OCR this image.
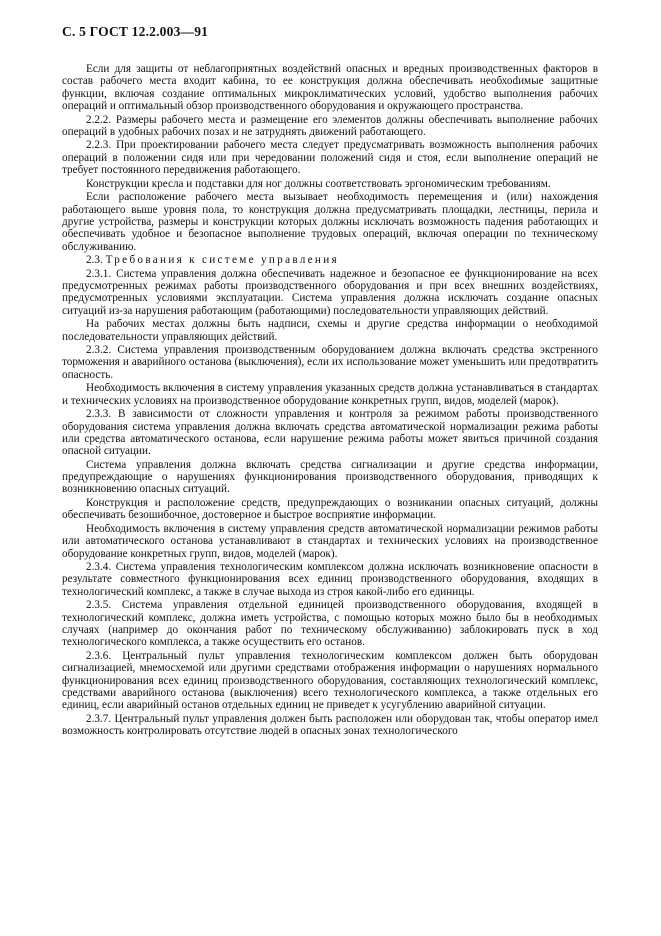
С. 5 ГОСТ 12.2.003—91

Если для защиты от неблагоприятных воздействий опасных и вредных производственных факторов в состав рабочего места входит кабина, то ее конструкция должна обеспечивать необхоdимые защитные функции, включая создание оптимальных микроклиматических условий, удобство выполнения рабочих операций и оптимальный обзор производственного оборудования и окружающего пространства.

2.2.2. Размеры рабочего места и размещение его элементов должны обеспечивать выполнение рабочих операций в удобных рабочих позах и не затруднять движений работающего.

2.2.3. При проектировании рабочего места следует предусматривать возможность выполнения рабочих операций в положении сидя или при чередовании положений сидя и стоя, если выполнение операций не требует постоянного передвижения работающего.

Конструкции кресла и подставки для ног должны соответствовать эргономическим требованиям.

Если расположение рабочего места вызывает необходимость перемещения и (или) нахождения работающего выше уровня пола, то конструкция должна предусматривать площадки, лестницы, перила и другие устройства, размеры и конструкции которых должны исключать возможность падения работающих и обеспечивать удобное и безопасное выполнение трудовых операций, включая операции по техническому обслуживанию.

2.3. Требования к системе управления

2.3.1. Система управления должна обеспечивать надежное и безопасное ее функционирование на всех предусмотренных режимах работы производственного оборудования и при всех внешних воздействиях, предусмотренных условиями эксплуатации. Система управления должна исключать создание опасных ситуаций из-за нарушения работающим (работающими) последовательности управляющих действий.

На рабочих местах должны быть надписи, схемы и другие средства информации о необходимой последовательности управляющих действий.

2.3.2. Система управления производственным оборудованием должна включать средства экстренного торможения и аварийного останова (выключения), если их использование может уменьшить или предотвратить опасность.

Необходимость включения в систему управления указанных средств должна устанавливаться в стандартах и технических условиях на производственное оборудование конкретных групп, видов, моделей (марок).

2.3.3. В зависимости от сложности управления и контроля за режимом работы производственного оборудования система управления должна включать средства автоматической нормализации режима работы или средства автоматического останова, если нарушение режима работы может явиться причиной создания опасной ситуации.

Система управления должна включать средства сигнализации и другие средства информации, предупреждающие о нарушениях функционирования производственного оборудования, приводящих к возникновению опасных ситуаций.

Конструкция и расположение средств, предупреждающих о возникании опасных ситуаций, должны обеспечивать безошибочное, достоверное и быстрое восприятие информации.

Необходимость включения в систему управления средств автоматической нормализации режимов работы или автоматического останова устанавливают в стандартах и технических условиях на производственное оборудование конкретных групп, видов, моделей (марок).

2.3.4. Система управления технологическим комплексом должна исключать возникновение опасности в результате совместного функционирования всех единиц производственного оборудования, входящих в технологический комплекс, а также в случае выхода из строя какой-либо его единицы.

2.3.5. Система управления отдельной единицей производственного оборудования, входящей в технологический комплекс, должна иметь устройства, с помощью которых можно было бы в необходимых случаях (например до окончания работ по техническому обслуживанию) заблокировать пуск в ход технологического комплекса, а также осуществить его останов.

2.3.6. Центральный пульт управления технологическим комплексом должен быть оборудован сигнализацией, мнемосхемой или другими средствами отображения информации о нарушениях нормального функционирования всех единиц производственного оборудования, составляющих технологический комплекс, средствами аварийного останова (выключения) всего технологического комплекса, а также отдельных его единиц, если аварийный останов отдельных единиц не приведет к усугублению аварийной ситуации.

2.3.7. Центральный пульт управления должен быть расположен или оборудован так, чтобы оператор имел возможность контролировать отсутствие людей в опасных зонах технологического
